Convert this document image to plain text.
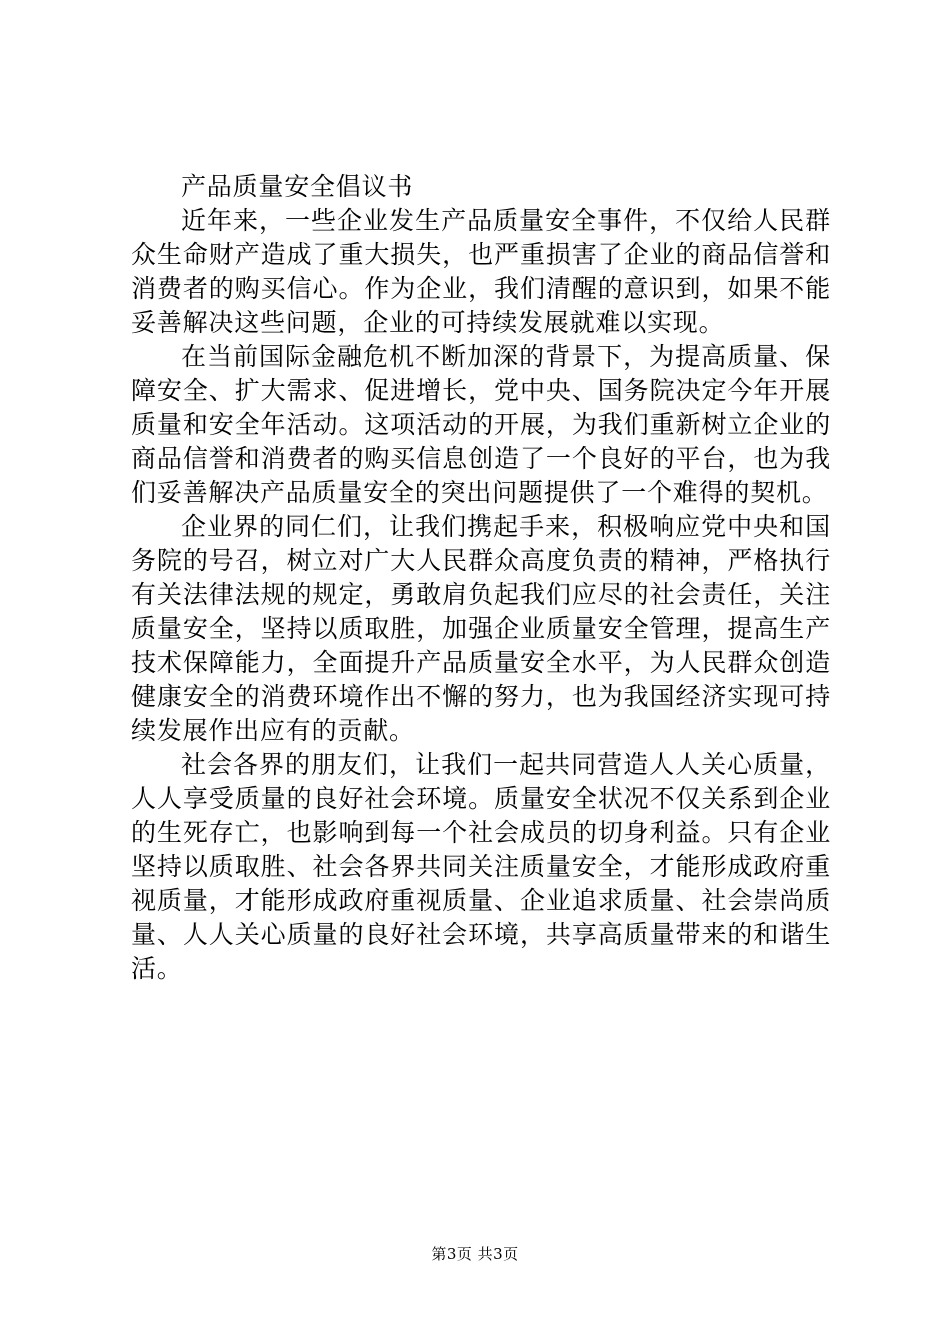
产品质量安全倡议书

近年来，一些企业发生产品质量安全事件，不仅给人民群众生命财产造成了重大损失，也严重损害了企业的商品信誉和消费者的购买信心。作为企业，我们清醒的意识到，如果不能妥善解决这些问题，企业的可持续发展就难以实现。

在当前国际金融危机不断加深的背景下，为提高质量、保障安全、扩大需求、促进增长，党中央、国务院决定今年开展质量和安全年活动。这项活动的开展，为我们重新树立企业的商品信誉和消费者的购买信息创造了一个良好的平台，也为我们妥善解决产品质量安全的突出问题提供了一个难得的契机。

企业界的同仁们，让我们携起手来，积极响应党中央和国务院的号召，树立对广大人民群众高度负责的精神，严格执行有关法律法规的规定，勇敢肩负起我们应尽的社会责任，关注质量安全，坚持以质取胜，加强企业质量安全管理，提高生产技术保障能力，全面提升产品质量安全水平，为人民群众创造健康安全的消费环境作出不懈的努力，也为我国经济实现可持续发展作出应有的贡献。

社会各界的朋友们，让我们一起共同营造人人关心质量，人人享受质量的良好社会环境。质量安全状况不仅关系到企业的生死存亡，也影响到每一个社会成员的切身利益。只有企业坚持以质取胜、社会各界共同关注质量安全，才能形成政府重视质量，才能形成政府重视质量、企业追求质量、社会崇尚质量、人人关心质量的良好社会环境，共享高质量带来的和谐生活。

第3页 共3页
